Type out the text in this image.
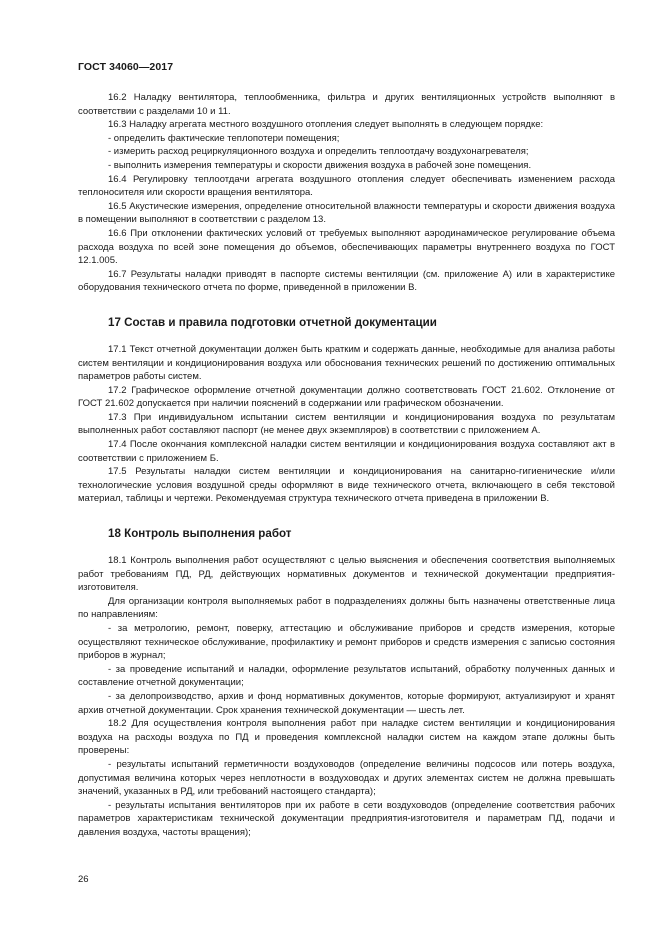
ГОСТ 34060—2017

16.2 Наладку вентилятора, теплообменника, фильтра и других вентиляционных устройств выполняют в соответствии с разделами 10 и 11.

16.3 Наладку агрегата местного воздушного отопления следует выполнять в следующем порядке:

- определить фактические теплопотери помещения;

- измерить расход рециркуляционного воздуха и определить теплоотдачу воздухонагревателя;

- выполнить измерения температуры и скорости движения воздуха в рабочей зоне помещения.

16.4 Регулировку теплоотдачи агрегата воздушного отопления следует обеспечивать изменением расхода теплоносителя или скорости вращения вентилятора.

16.5 Акустические измерения, определение относительной влажности температуры и скорости движения воздуха в помещении выполняют в соответствии с разделом 13.

16.6 При отклонении фактических условий от требуемых выполняют аэродинамическое регулирование объема расхода воздуха по всей зоне помещения до объемов, обеспечивающих параметры внутреннего воздуха по ГОСТ 12.1.005.

16.7 Результаты наладки приводят в паспорте системы вентиляции (см. приложение А) или в характеристике оборудования технического отчета по форме, приведенной в приложении В.

17 Состав и правила подготовки отчетной документации

17.1 Текст отчетной документации должен быть кратким и содержать данные, необходимые для анализа работы систем вентиляции и кондиционирования воздуха или обоснования технических решений по достижению оптимальных параметров работы систем.

17.2 Графическое оформление отчетной документации должно соответствовать ГОСТ 21.602. Отклонение от ГОСТ 21.602 допускается при наличии пояснений в содержании или графическом обозначении.

17.3 При индивидуальном испытании систем вентиляции и кондиционирования воздуха по результатам выполненных работ составляют паспорт (не менее двух экземпляров) в соответствии с приложением А.

17.4 После окончания комплексной наладки систем вентиляции и кондиционирования воздуха составляют акт в соответствии с приложением Б.

17.5 Результаты наладки систем вентиляции и кондиционирования на санитарно-гигиенические и/или технологические условия воздушной среды оформляют в виде технического отчета, включающего в себя текстовой материал, таблицы и чертежи. Рекомендуемая структура технического отчета приведена в приложении В.

18 Контроль выполнения работ

18.1 Контроль выполнения работ осуществляют с целью выяснения и обеспечения соответствия выполняемых работ требованиям ПД, РД, действующих нормативных документов и технической документации предприятия-изготовителя.

Для организации контроля выполняемых работ в подразделениях должны быть назначены ответственные лица по направлениям:

- за метрологию, ремонт, поверку, аттестацию и обслуживание приборов и средств измерения, которые осуществляют техническое обслуживание, профилактику и ремонт приборов и средств измерения с записью состояния приборов в журнал;

- за проведение испытаний и наладки, оформление результатов испытаний, обработку полученных данных и составление отчетной документации;

- за делопроизводство, архив и фонд нормативных документов, которые формируют, актуализируют и хранят архив отчетной документации. Срок хранения технической документации — шесть лет.

18.2 Для осуществления контроля выполнения работ при наладке систем вентиляции и кондиционирования воздуха на расходы воздуха по ПД и проведения комплексной наладки систем на каждом этапе должны быть проверены:

- результаты испытаний герметичности воздуховодов (определение величины подсосов или потерь воздуха, допустимая величина которых через неплотности в воздуховодах и других элементах систем не должна превышать значений, указанных в РД, или требований настоящего стандарта);

- результаты испытания вентиляторов при их работе в сети воздуховодов (определение соответствия рабочих параметров характеристикам технической документации предприятия-изготовителя и параметрам ПД, подачи и давления воздуха, частоты вращения);

26
